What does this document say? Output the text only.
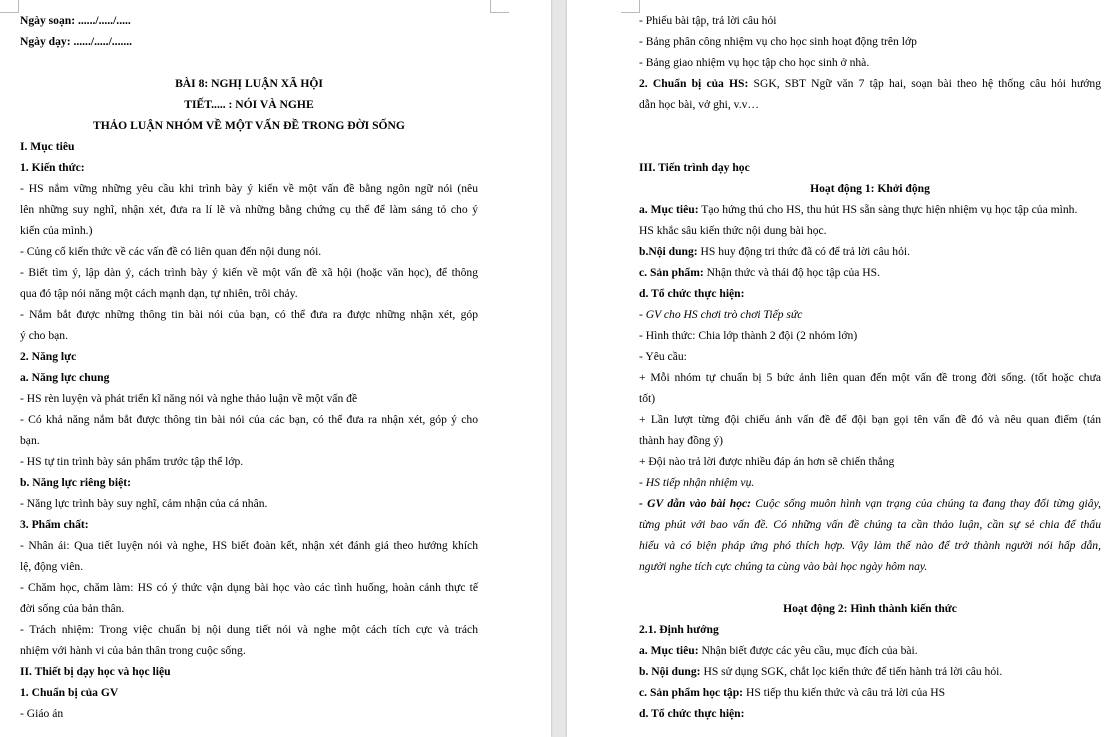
Ngày soạn: ....../...../.....
Ngày dạy: ....../...../.......
BÀI 8: NGHỊ LUẬN XÃ HỘI
TIẾT..... : NÓI VÀ NGHE
THẢO LUẬN NHÓM VỀ MỘT VẤN ĐỀ TRONG ĐỜI SỐNG
I. Mục tiêu
1. Kiến thức:
- HS nắm vững những yêu cầu khi trình bày ý kiến về một vấn đề bằng ngôn ngữ nói (nêu
lên những suy nghĩ, nhận xét, đưa ra lí lẽ và những bằng chứng cụ thể để làm sáng tỏ cho ý
kiến của mình.)
- Củng cố kiến thức về các vấn đề có liên quan đến nội dung nói.
- Biết tìm ý, lập dàn ý, cách trình bày ý kiến về một vấn đề xã hội (hoặc văn học), để thông
qua đó tập nói năng một cách mạnh dạn, tự nhiên, trôi chảy.
- Nắm bắt được những thông tin bài nói của bạn, có thể đưa ra được những nhận xét, góp
ý cho bạn.
2. Năng lực
a. Năng lực chung
- HS rèn luyện và phát triển kĩ năng nói và nghe thảo luận về một vấn đề
- Có khả năng nắm bắt được thông tin bài nói của các bạn, có thể đưa ra nhận xét, góp ý cho
bạn.
- HS tự tin trình bày sản phẩm trước tập thể lớp.
b. Năng lực riêng biệt:
- Năng lực trình bày suy nghĩ, cảm nhận của cá nhân.
3. Phẩm chất:
- Nhân ái: Qua tiết luyện nói và nghe, HS biết đoàn kết, nhận xét đánh giá theo hướng khích
lệ, động viên.
- Chăm học, chăm làm: HS có ý thức vận dụng bài học vào các tình huống, hoàn cảnh thực tế
đời sống của bản thân.
- Trách nhiệm: Trong việc chuẩn bị nội dung tiết nói và nghe một cách tích cực và trách
nhiệm với hành vi của bản thân trong cuộc sống.
II. Thiết bị dạy học và học liệu
1. Chuẩn bị của GV
- Giáo án
- Phiếu bài tập, trả lời câu hỏi
- Bảng phân công nhiệm vụ cho học sinh hoạt động trên lớp
- Bảng giao nhiệm vụ học tập cho học sinh ở nhà.
2. Chuẩn bị của HS: SGK, SBT Ngữ văn 7 tập hai, soạn bài theo hệ thống câu hỏi hướng
dẫn học bài, vở ghi, v.v…
III. Tiến trình dạy học
Hoạt động 1: Khởi động
a. Mục tiêu: Tạo hứng thú cho HS, thu hút HS sẵn sàng thực hiện nhiệm vụ học tập của mình.
HS khắc sâu kiến thức nội dung bài học.
b.Nội dung: HS huy động tri thức đã có để trả lời câu hỏi.
c. Sản phẩm: Nhận thức và thái độ học tập của HS.
d. Tổ chức thực hiện:
- GV cho HS chơi trò chơi Tiếp sức
- Hình thức: Chia lớp thành 2 đội (2 nhóm lớn)
- Yêu cầu:
+ Mỗi nhóm tự chuẩn bị 5 bức ảnh liên quan đến một vấn đề trong đời sống. (tốt hoặc chưa
tốt)
+ Lần lượt từng đội chiếu ảnh vấn đề để đội bạn gọi tên vấn đề đó và nêu quan điểm (tán
thành hay đồng ý)
+ Đội nào trả lời được nhiều đáp án hơn sẽ chiến thắng
- HS tiếp nhận nhiệm vụ.
- GV dẫn vào bài học: Cuộc sống muôn hình vạn trạng của chúng ta đang thay đổi từng giây,
từng phút với bao vấn đề. Có những vấn đề chúng ta cần thảo luận, cần sự sẻ chia để thấu
hiểu và có biện pháp ứng phó thích hợp. Vậy làm thế nào để trở thành người nói hấp dẫn,
người nghe tích cực chúng ta cùng vào bài học ngày hôm nay.
Hoạt động 2: Hình thành kiến thức
2.1. Định hướng
a. Mục tiêu: Nhận biết được các yêu cầu, mục đích của bài.
b. Nội dung: HS sử dụng SGK, chắt lọc kiến thức để tiến hành trả lời câu hỏi.
c. Sản phẩm học tập: HS tiếp thu kiến thức và câu trả lời của HS
d. Tổ chức thực hiện:
